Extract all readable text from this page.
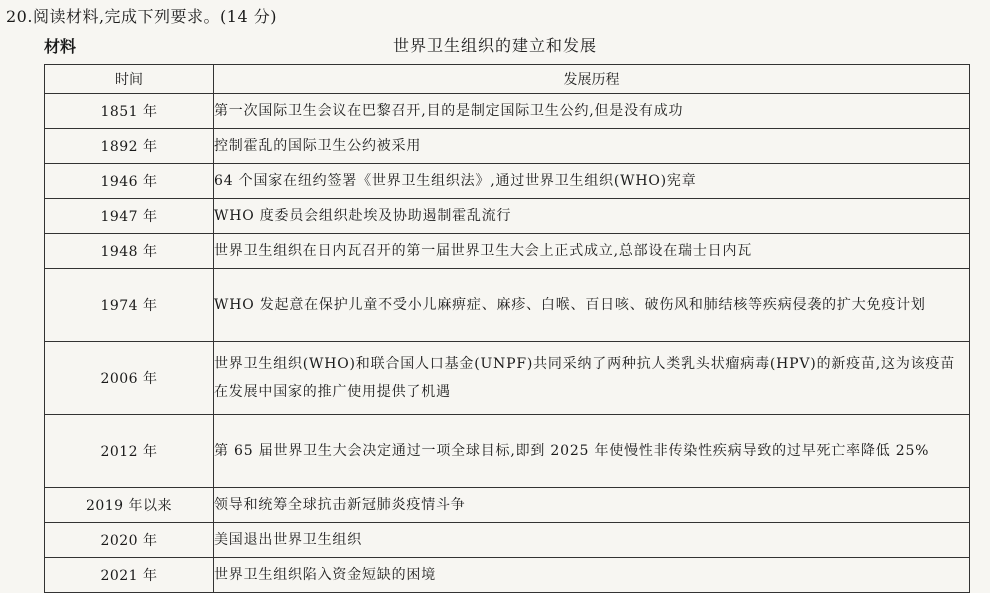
20.阅读材料,完成下列要求。(14 分)
材料	世界卫生组织的建立和发展
时间	发展历程
1851 年	第一次国际卫生会议在巴黎召开,目的是制定国际卫生公约,但是没有成功
1892 年	控制霍乱的国际卫生公约被采用
1946 年	64 个国家在纽约签署《世界卫生组织法》,通过世界卫生组织(WHO)宪章
1947 年	WHO 度委员会组织赴埃及协助遏制霍乱流行
1948 年	世界卫生组织在日内瓦召开的第一届世界卫生大会上正式成立,总部设在瑞士日内瓦
1974 年	WHO 发起意在保护儿童不受小儿麻痹症、麻疹、白喉、百日咳、破伤风和肺结核等疾病侵袭的扩大免疫计划
2006 年	世界卫生组织(WHO)和联合国人口基金(UNPF)共同采纳了两种抗人类乳头状瘤病毒(HPV)的新疫苗,这为该疫苗在发展中国家的推广使用提供了机遇
2012 年	第 65 届世界卫生大会决定通过一项全球目标,即到 2025 年使慢性非传染性疾病导致的过早死亡率降低 25%
2019 年以来	领导和统筹全球抗击新冠肺炎疫情斗争
2020 年	美国退出世界卫生组织
2021 年	世界卫生组织陷入资金短缺的困境
